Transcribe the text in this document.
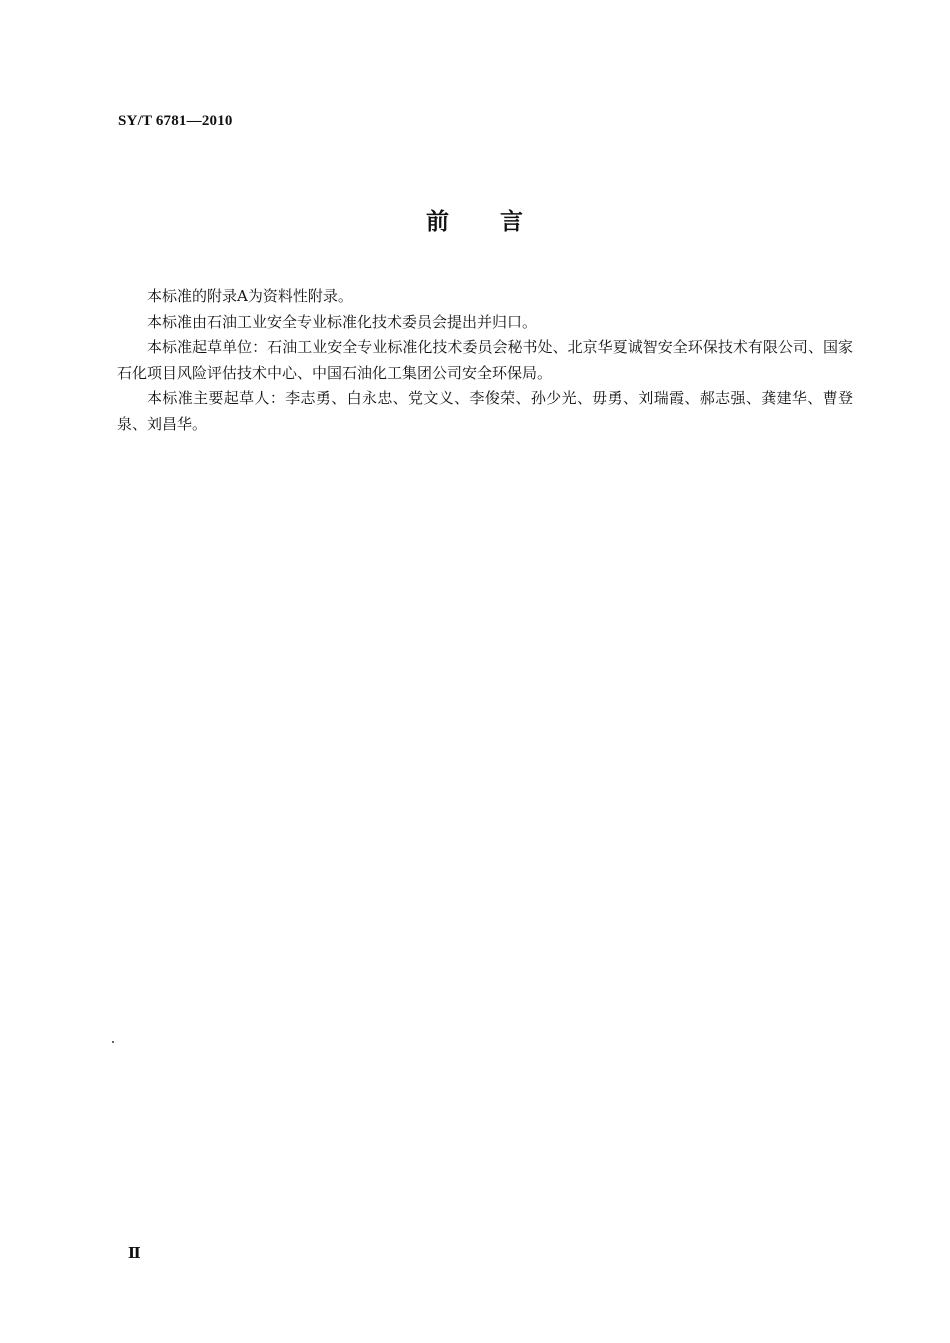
SY/T 6781—2010
前 言

本标准的附录A为资料性附录。

本标准由石油工业安全专业标准化技术委员会提出并归口。

本标准起草单位：石油工业安全专业标准化技术委员会秘书处、北京华夏诚智安全环保技术有限公司、国家石化项目风险评估技术中心、中国石油化工集团公司安全环保局。

本标准主要起草人：李志勇、白永忠、党文义、李俊荣、孙少光、毋勇、刘瑞霞、郝志强、龚建华、曹登泉、刘昌华。

Ⅱ
